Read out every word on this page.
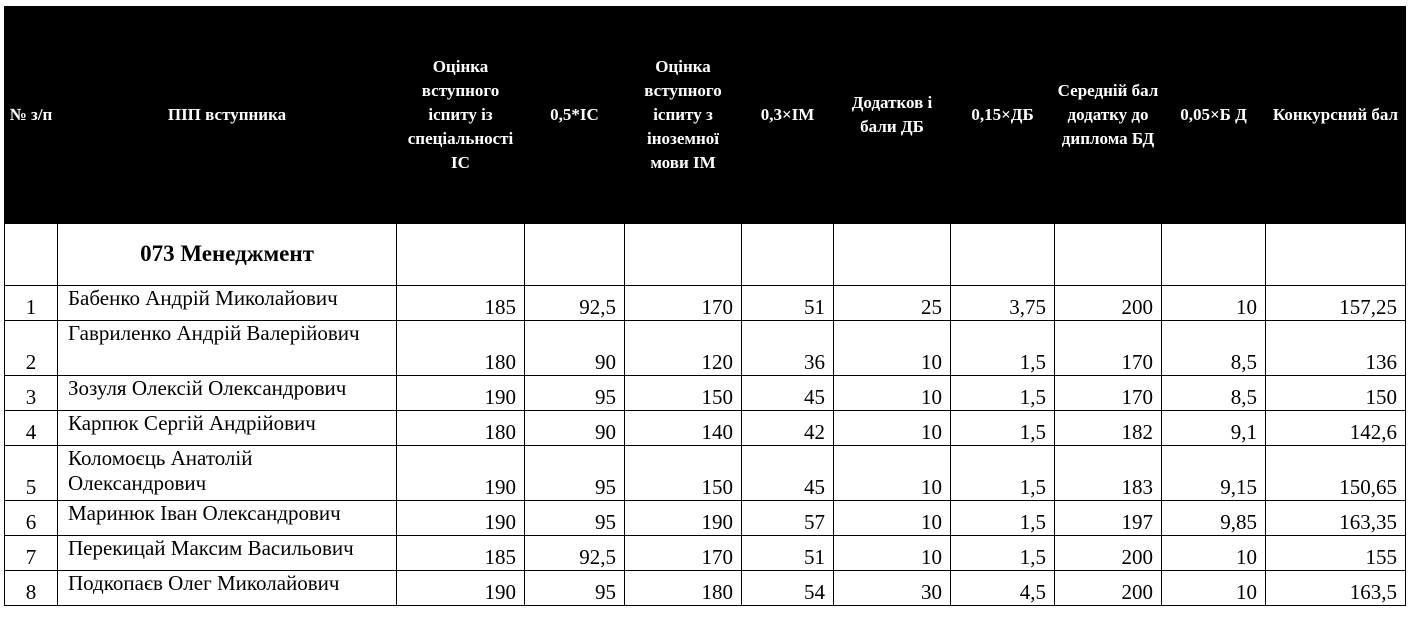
№ з/п	ПІП вступника	Оцінка вступного іспиту із спеціальності ІС	0,5*ІС	Оцінка вступного іспиту з іноземної мови ІМ	0,3×ІМ	Додатков і бали ДБ	0,15×ДБ	Середній бал додатку до диплома БД	0,05×Б Д	Конкурсний бал
	073 Менеджмент									
1	Бабенко Андрій Миколайович	185	92,5	170	51	25	3,75	200	10	157,25
2	Гавриленко Андрій Валерійович	180	90	120	36	10	1,5	170	8,5	136
3	Зозуля Олексій Олександрович	190	95	150	45	10	1,5	170	8,5	150
4	Карпюк Сергій Андрійович	180	90	140	42	10	1,5	182	9,1	142,6
5	Коломоєць Анатолій Олександрович	190	95	150	45	10	1,5	183	9,15	150,65
6	Маринюк Іван Олександрович	190	95	190	57	10	1,5	197	9,85	163,35
7	Перекицай Максим Васильович	185	92,5	170	51	10	1,5	200	10	155
8	Подкопаєв Олег Миколайович	190	95	180	54	30	4,5	200	10	163,5
